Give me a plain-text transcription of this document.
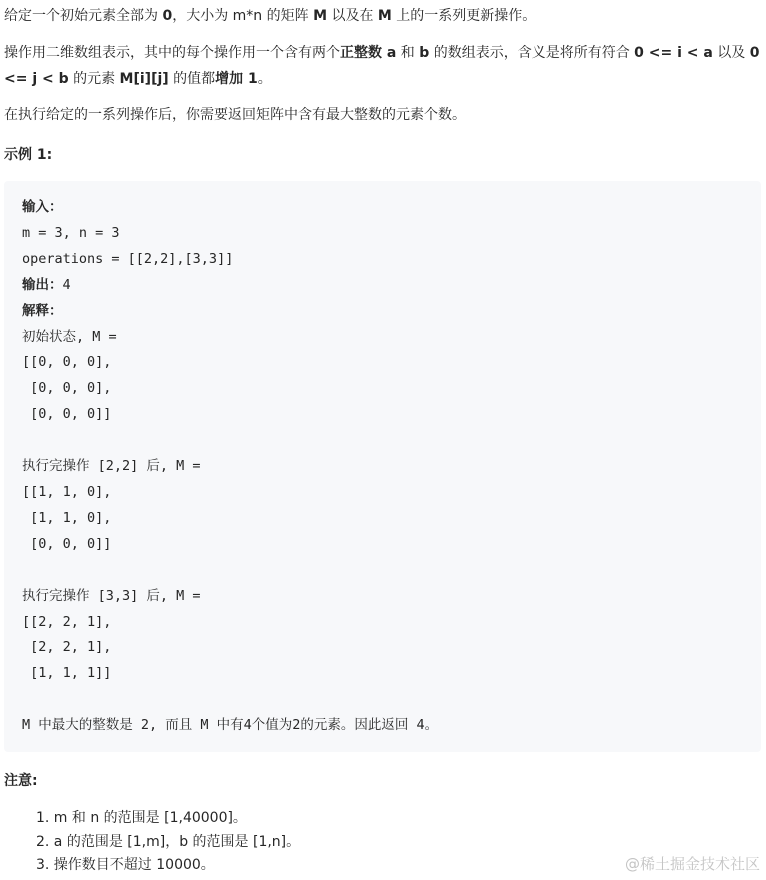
给定一个初始元素全部为 0，大小为 m*n 的矩阵 M 以及在 M 上的一系列更新操作。

操作用二维数组表示，其中的每个操作用一个含有两个正整数 a 和 b 的数组表示，含义是将所有符合 0 <= i < a 以及 0 <= j < b 的元素 M[i][j] 的值都增加 1。

在执行给定的一系列操作后，你需要返回矩阵中含有最大整数的元素个数。

示例 1:
输入：
m = 3, n = 3
operations = [[2,2],[3,3]]
输出：4
解释：
初始状态, M =
[[0, 0, 0],
[0, 0, 0],
[0, 0, 0]]

执行完操作 [2,2] 后, M =
[[1, 1, 0],
[1, 1, 0],
[0, 0, 0]]

执行完操作 [3,3] 后, M =
[[2, 2, 1],
[2, 2, 1],
[1, 1, 1]]

M 中最大的整数是 2, 而且 M 中有4个值为2的元素。因此返回 4。
注意:
1. m 和 n 的范围是 [1,40000]。
2. a 的范围是 [1,m]，b 的范围是 [1,n]。
3. 操作数目不超过 10000。	@稀土掘金技术社区
